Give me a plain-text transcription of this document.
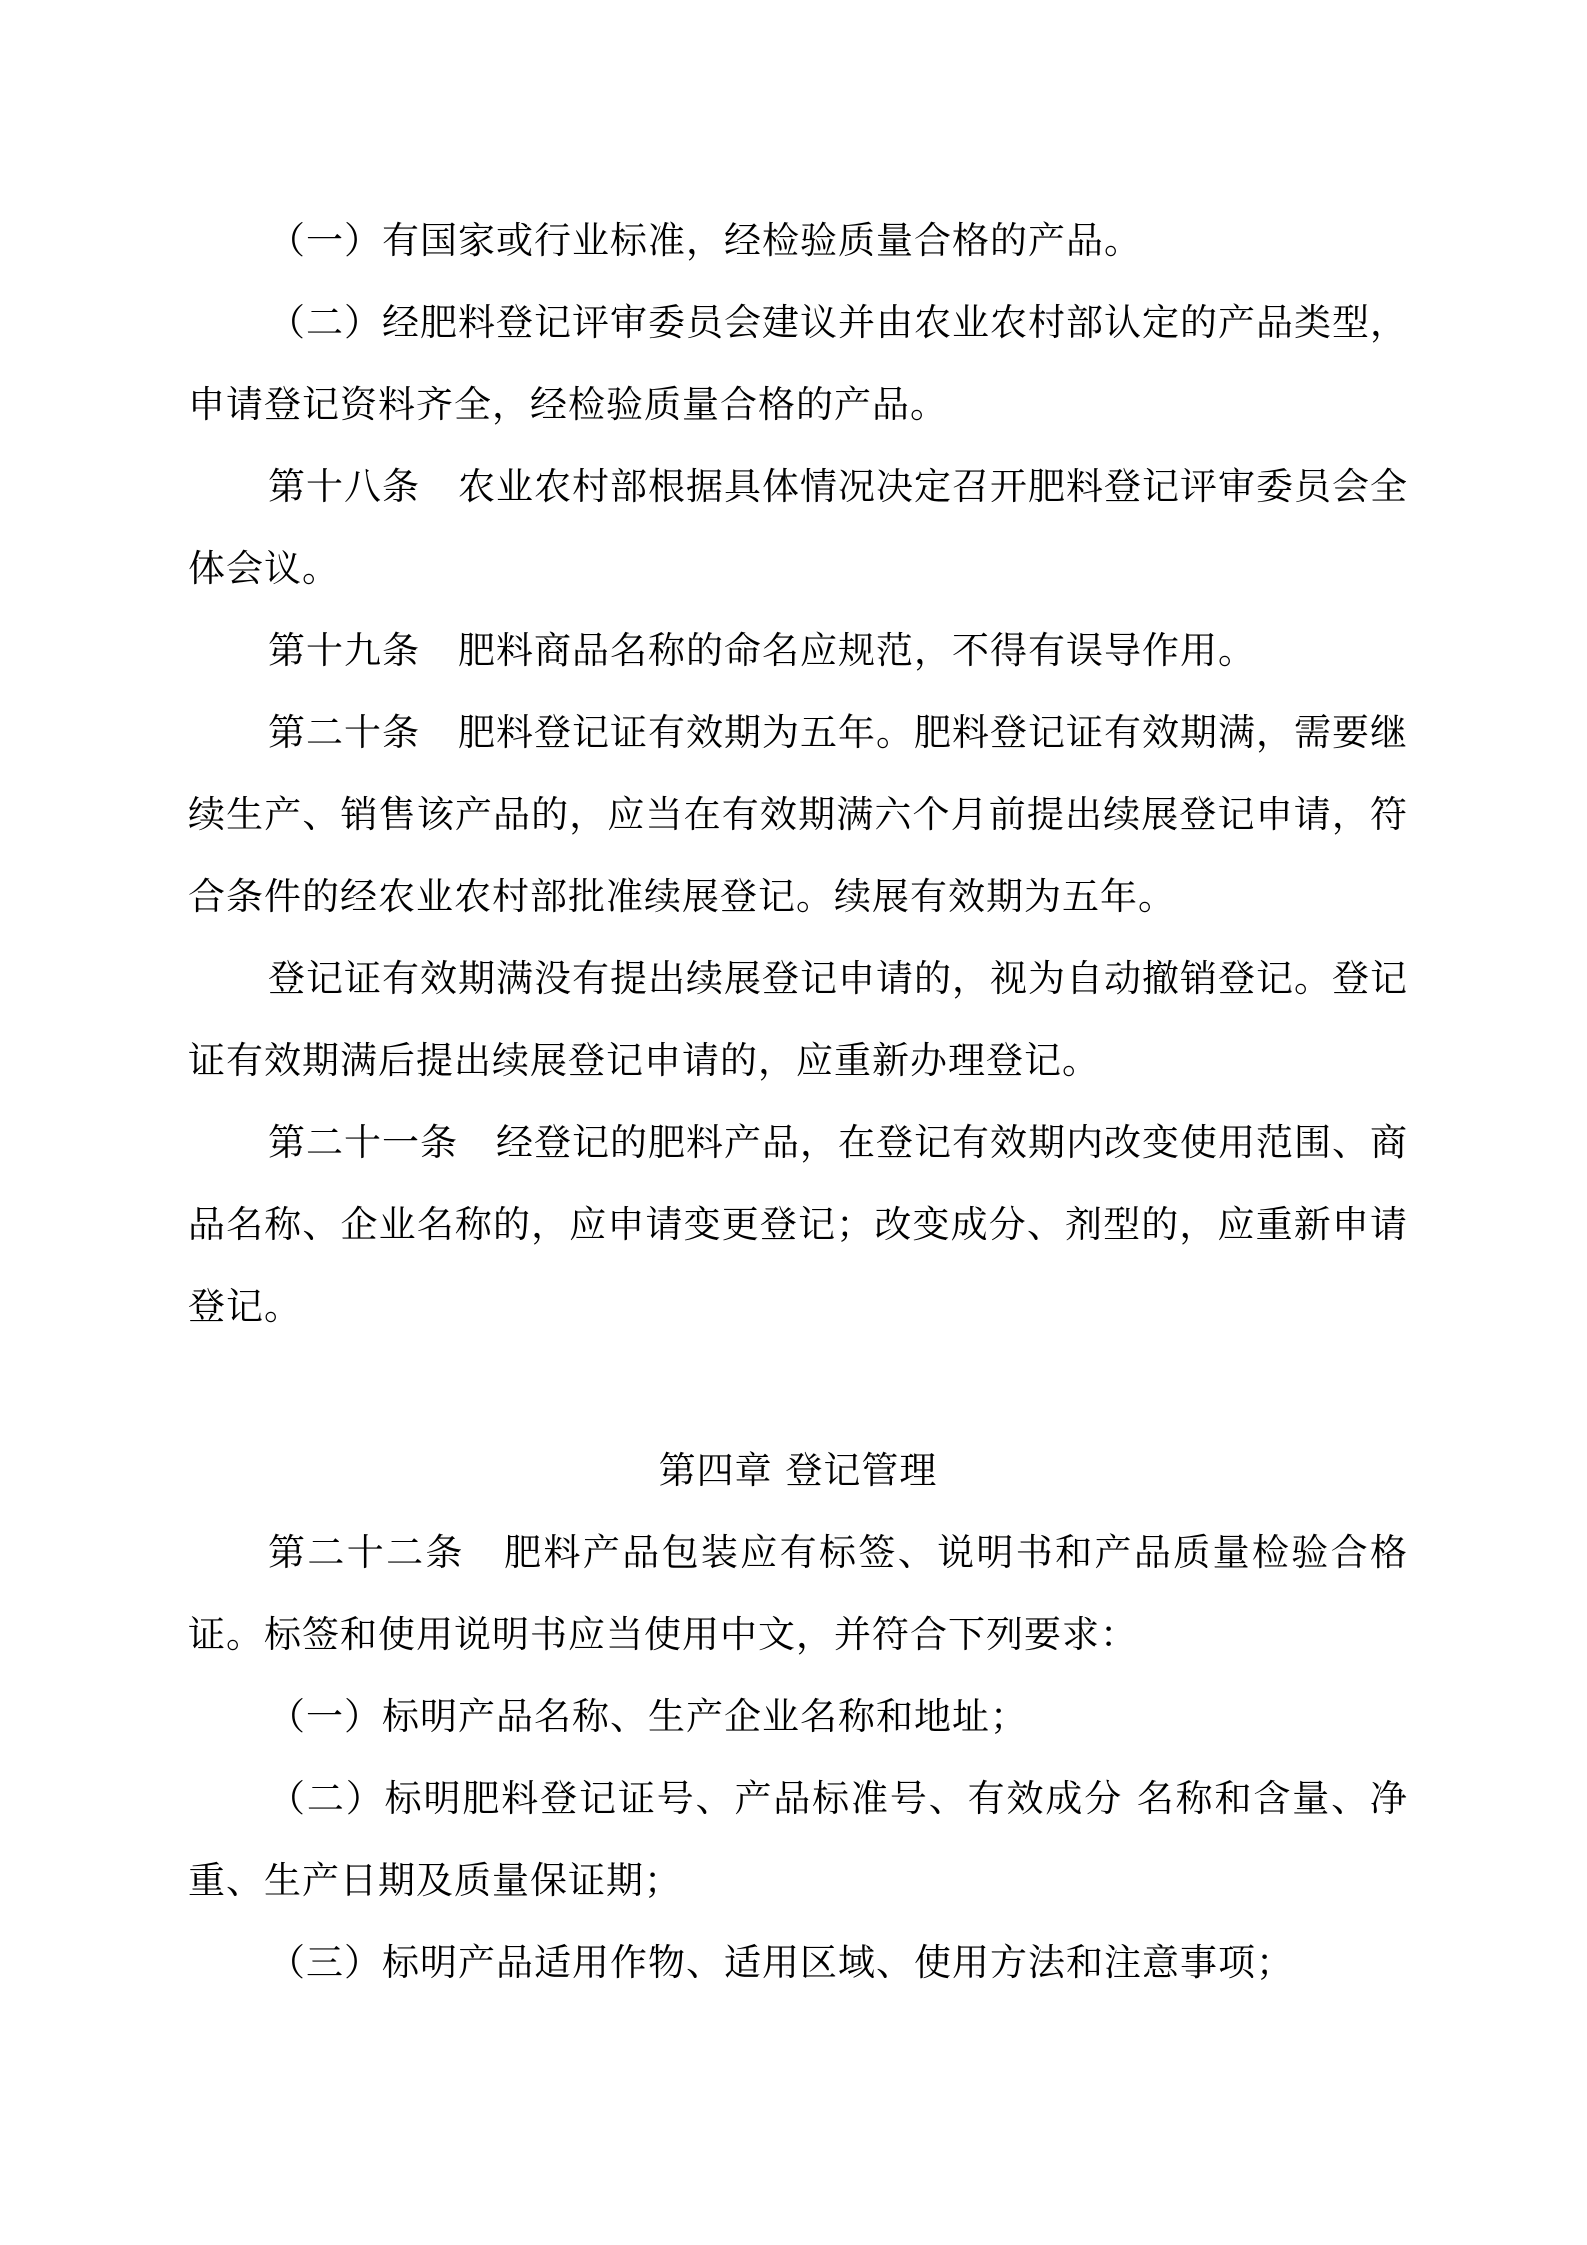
（一）有国家或行业标准，经检验质量合格的产品。

（二）经肥料登记评审委员会建议并由农业农村部认定的产品类型，申请登记资料齐全，经检验质量合格的产品。

第十八条　农业农村部根据具体情况决定召开肥料登记评审委员会全体会议。

第十九条　肥料商品名称的命名应规范，不得有误导作用。

第二十条　肥料登记证有效期为五年。肥料登记证有效期满，需要继续生产、销售该产品的，应当在有效期满六个月前提出续展登记申请，符合条件的经农业农村部批准续展登记。续展有效期为五年。

登记证有效期满没有提出续展登记申请的，视为自动撤销登记。登记证有效期满后提出续展登记申请的，应重新办理登记。

第二十一条　经登记的肥料产品，在登记有效期内改变使用范围、商品名称、企业名称的，应申请变更登记；改变成分、剂型的，应重新申请登记。

第四章 登记管理

第二十二条　肥料产品包装应有标签、说明书和产品质量检验合格证。标签和使用说明书应当使用中文，并符合下列要求：

（一）标明产品名称、生产企业名称和地址；

（二）标明肥料登记证号、产品标准号、有效成分 名称和含量、净重、生产日期及质量保证期；

（三）标明产品适用作物、适用区域、使用方法和注意事项；
